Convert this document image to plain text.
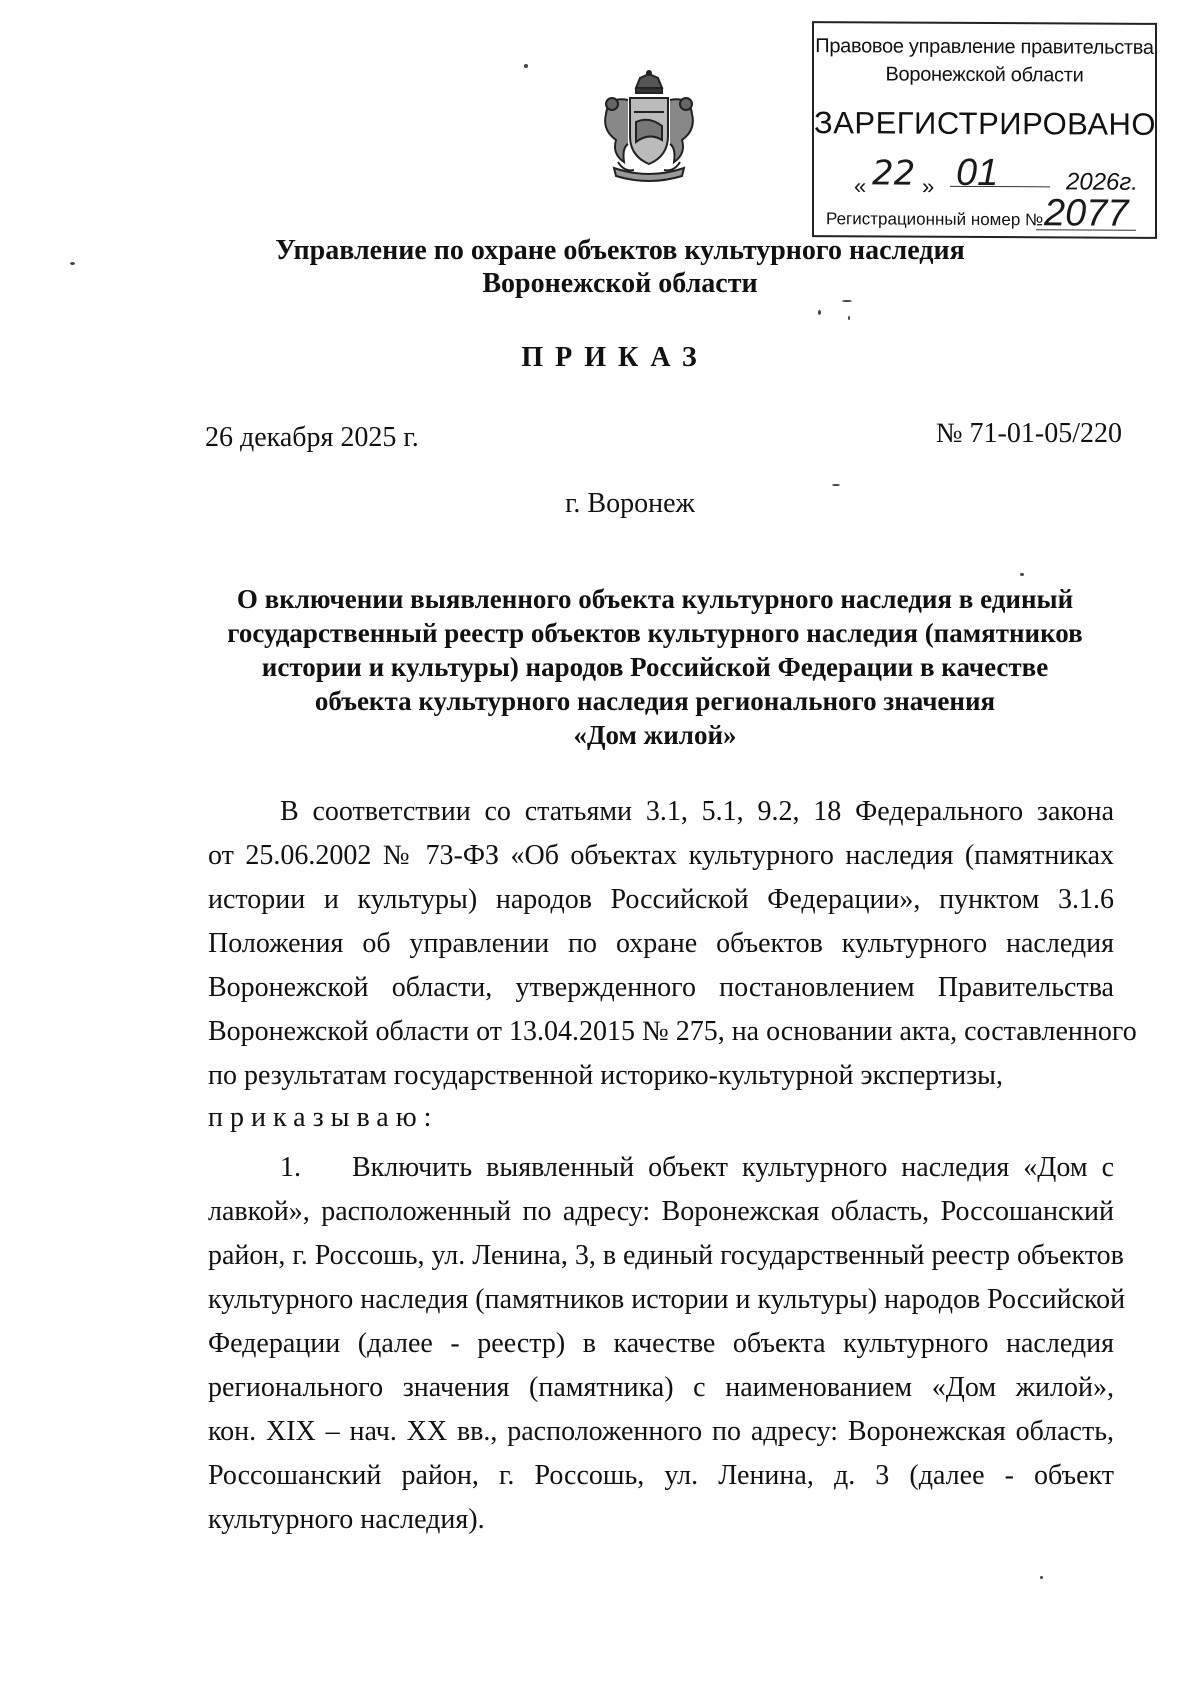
Правовое управление правительства
Воронежской области
ЗАРЕГИСТРИРОВАНО
« 22 » 01	2026г.
Регистрационный номер № 2077
Управление по охране объектов культурного наследия
Воронежской области
ПРИКАЗ
26 декабря 2025 г.	№ 71-01-05/220
г. Воронеж
О включении выявленного объекта культурного наследия в единый
государственный реестр объектов культурного наследия (памятников
истории и культуры) народов Российской Федерации в качестве
объекта культурного наследия регионального значения
«Дом жилой»
В соответствии со статьями 3.1, 5.1, 9.2, 18 Федерального закона
от 25.06.2002 № 73-ФЗ «Об объектах культурного наследия (памятниках
истории и культуры) народов Российской Федерации», пунктом 3.1.6
Положения об управлении по охране объектов культурного наследия
Воронежской области, утвержденного постановлением Правительства
Воронежской области от 13.04.2015 № 275, на основании акта, составленного
по результатам государственной историко-культурной экспертизы,
приказываю:
1. Включить выявленный объект культурного наследия «Дом с
лавкой», расположенный по адресу: Воронежская область, Россошанский
район, г. Россошь, ул. Ленина, 3, в единый государственный реестр объектов
культурного наследия (памятников истории и культуры) народов Российской
Федерации (далее - реестр) в качестве объекта культурного наследия
регионального значения (памятника) с наименованием «Дом жилой»,
кон. XIX – нач. XX вв., расположенного по адресу: Воронежская область,
Россошанский район, г. Россошь, ул. Ленина, д. 3 (далее - объект
культурного наследия).
